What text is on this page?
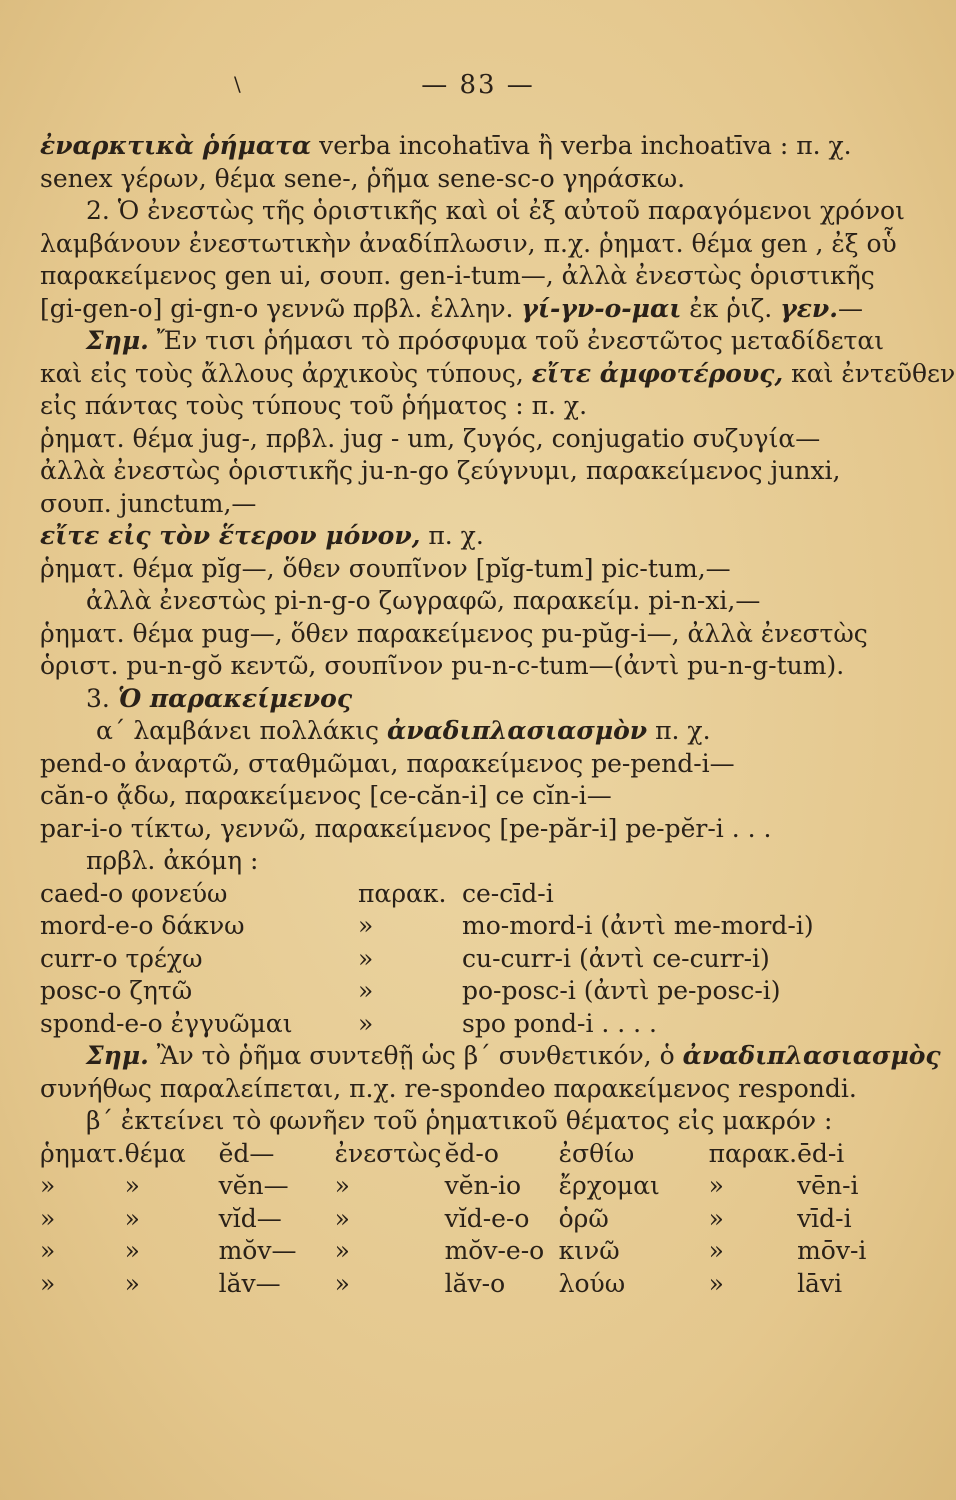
\	— 83 —
ἐναρκτικὰ ῥήματα verba incohatīva ἢ verba inchoatīva : π. χ.
senex γέρων, θέμα sene-, ῥῆμα sene-sc-o γηράσκω.
2. Ὁ ἐνεστὼς τῆς ὁριστικῆς καὶ οἱ ἐξ αὐτοῦ παραγόμενοι χρόνοι
λαμβάνουν ἐνεστωτικὴν ἀναδίπλωσιν, π.χ. ῥηματ. θέμα gen , ἐξ οὗ
παρακείμενος gen ui, σουπ. gen-i-tum—, ἀλλὰ ἐνεστὼς ὁριστικῆς
[gi-gen-o] gi-gn-o γεννῶ πρβλ. ἑλλην. γί-γν-ο-μαι ἐκ ῥιζ. γεν.—
Σημ. Ἔν τισι ῥήμασι τὸ πρόσφυμα τοῦ ἐνεστῶτος μεταδίδεται
καὶ εἰς τοὺς ἄλλους ἀρχικοὺς τύπους, εἴτε ἀμφοτέρους, καὶ ἐντεῦθεν
εἰς πάντας τοὺς τύπους τοῦ ῥήματος : π. χ.
ῥηματ. θέμα jug-, πρβλ. jug - um, ζυγός, conjugatio συζυγία—
ἀλλὰ ἐνεστὼς ὁριστικῆς ju-n-go ζεύγνυμι, παρακείμενος junxi,
σουπ. junctum,—
εἴτε εἰς τὸν ἕτερον μόνον, π. χ.
ῥηματ. θέμα pĭg—, ὅθεν σουπῖνον [pĭg-tum] pic-tum,—
ἀλλὰ ἐνεστὼς pi-n-g-o ζωγραφῶ, παρακείμ. pi-n-xi,—
ῥηματ. θέμα pug—, ὅθεν παρακείμενος pu-pŭg-i—, ἀλλὰ ἐνεστὼς
ὁριστ. pu-n-gŏ κεντῶ, σουπῖνον pu-n-c-tum—(ἀντὶ pu-n-g-tum).
3. Ὁ παρακείμενος
α΄ λαμβάνει πολλάκις ἀναδιπλασιασμὸν π. χ.
pend-o ἀναρτῶ, σταθμῶμαι, παρακείμενος pe-pend-i—
căn-o ᾄδω, παρακείμενος [ce-căn-i] ce cĭn-i—
par-i-o τίκτω, γεννῶ, παρακείμενος [pe-păr-i] pe-pĕr-i . . .
πρβλ. ἀκόμη :
caed-o φονεύω	παρακ.	ce-cīd-i
mord-e-o δάκνω	»	mo-mord-i (ἀντὶ me-mord-i)
curr-o τρέχω	»	cu-curr-i (ἀντὶ ce-curr-i)
posc-o ζητῶ	»	po-posc-i (ἀντὶ pe-posc-i)
spond-e-o ἐγγυῶμαι	»	spo pond-i . . . .
Σημ. Ἂν τὸ ῥῆμα συντεθῇ ὡς β΄ συνθετικόν, ὁ ἀναδιπλασιασμὸς
συνήθως παραλείπεται, π.χ. re-spondeo παρακείμενος respondi.
β΄ ἐκτείνει τὸ φωνῆεν τοῦ ῥηματικοῦ θέματος εἰς μακρόν :
ῥηματ.	θέμα	ĕd—	ἐνεστὼς	ĕd-o	ἐσθίω	παρακ.	ēd-i
»	»	vĕn—	»	vĕn-io	ἔρχομαι	»	vēn-i
»	»	vĭd—	»	vĭd-e-o	ὁρῶ	»	vīd-i
»	»	mŏv—	»	mŏv-e-o	κινῶ	»	mōv-i
»	»	lăv—	»	lăv-o	λούω	»	lāvi
